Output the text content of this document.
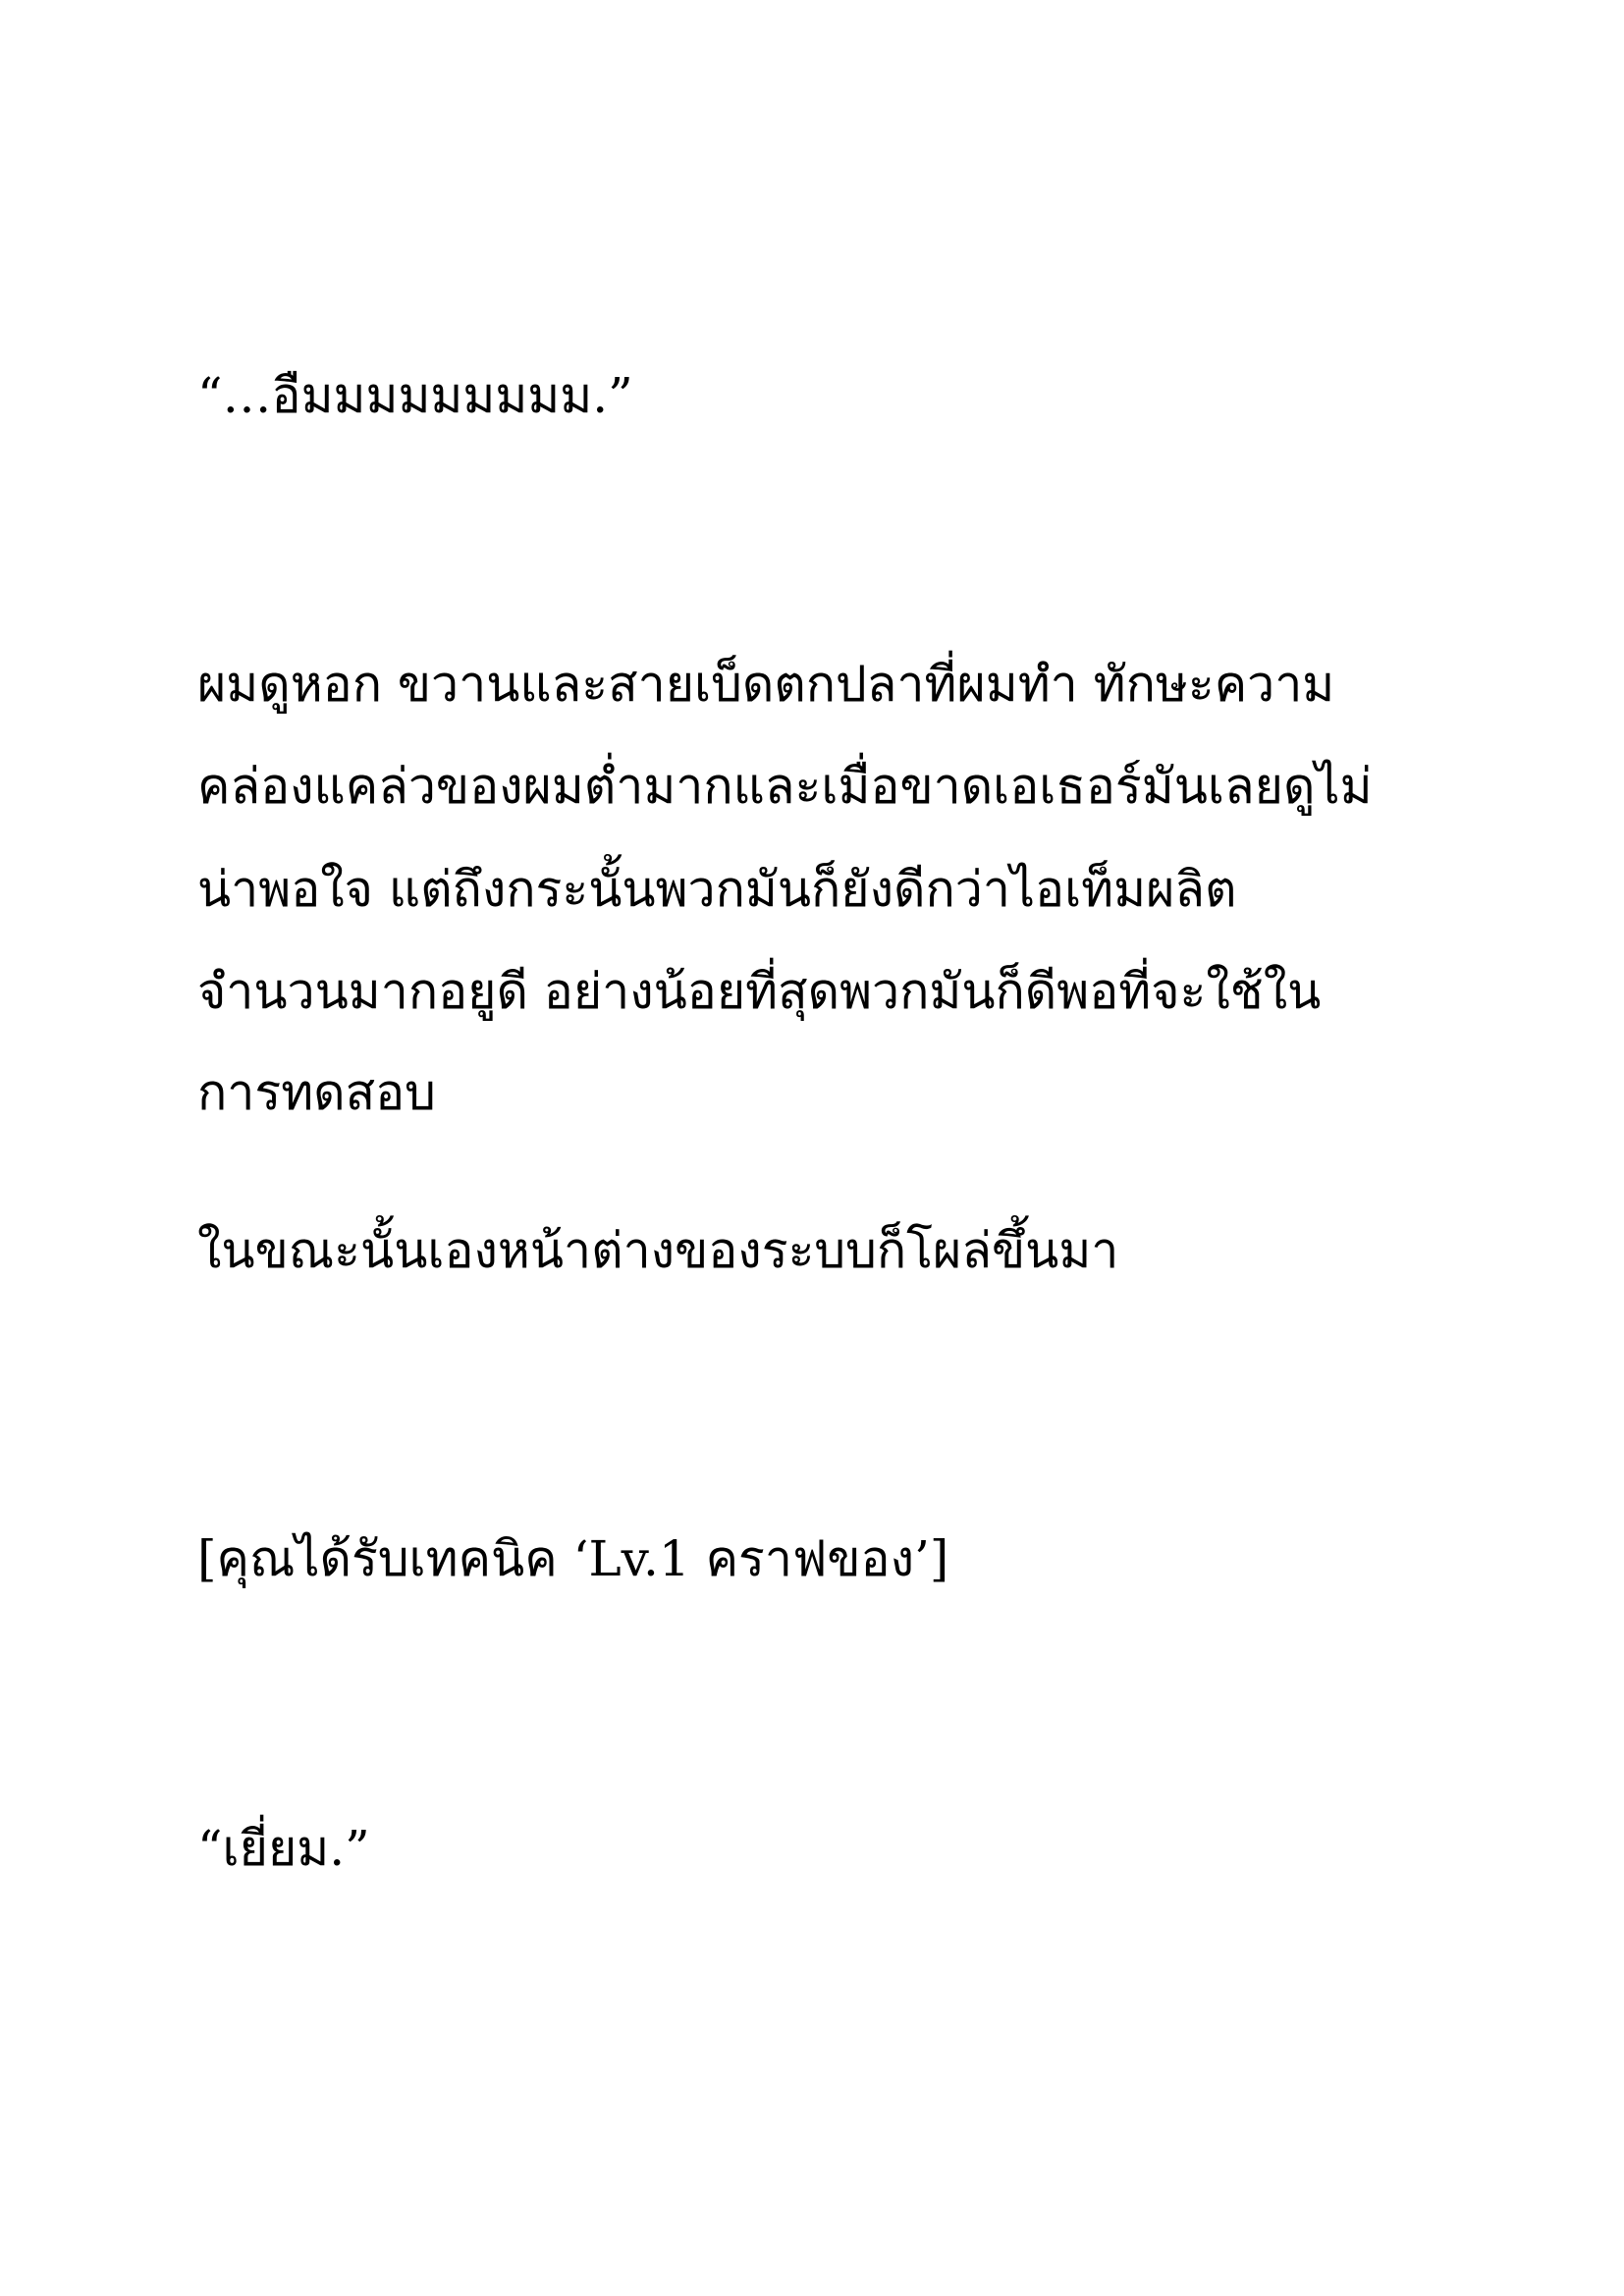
“…อืมมมมมมมมม.”
ผมดูหอก ขวานและสายเบ็ดตกปลาที่ผมทำ ทักษะความ
คล่องแคล่วของผมต่ำมากและเมื่อขาดเอเธอร์มันเลยดูไม่
น่าพอใจ แต่ถึงกระนั้นพวกมันก็ยังดีกว่าไอเท็มผลิต
จำนวนมากอยูดี อย่างน้อยที่สุดพวกมันก็ดีพอที่จะใช้ใน
การทดสอบ
ในขณะนั้นเองหน้าต่างของระบบก็โผล่ขึ้นมา
[คุณได้รับเทคนิค ‘Lv.1 คราฟของ’]
“เยี่ยม.”
